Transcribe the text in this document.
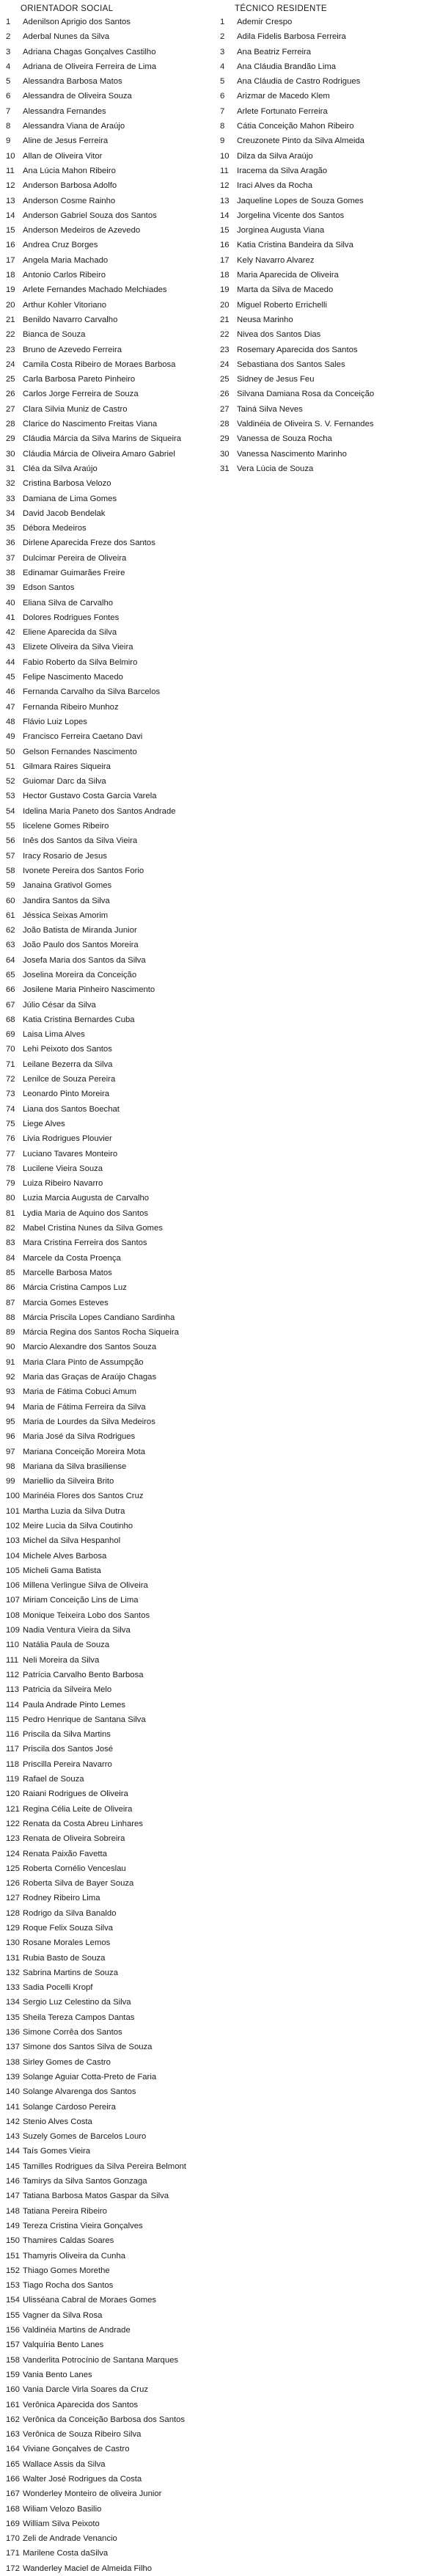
ORIENTADOR SOCIAL
1	Adenilson Aprigio dos Santos
2	Aderbal Nunes da Silva
3	Adriana Chagas Gonçalves Castilho
4	Adriana de Oliveira Ferreira de Lima
5	Alessandra Barbosa Matos
6	Alessandra de Oliveira Souza
7	Alessandra Fernandes
8	Alessandra Viana de Araújo
9	Aline de Jesus Ferreira
10 Allan de Oliveira Vitor
11 Ana Lúcia Mahon Ribeiro
12 Anderson Barbosa Adolfo
13 Anderson Cosme Rainho
14 Anderson Gabriel Souza dos Santos
15 Anderson Medeiros de Azevedo
16 Andrea Cruz Borges
17 Angela Maria Machado
18 Antonio Carlos Ribeiro
19 Arlete Fernandes Machado Melchiades
20 Arthur Kohler Vitoriano
21 Benildo Navarro Carvalho
22 Bianca de Souza
23 Bruno de Azevedo Ferreira
24 Camila Costa Ribeiro de Moraes Barbosa
25 Carla Barbosa Pareto Pinheiro
26 Carlos Jorge Ferreira de Souza
27 Clara Silvia Muniz de Castro
28 Clarice do Nascimento Freitas Viana
29 Cláudia Márcia da Silva Marins de Siqueira
30 Cláudia Márcia de Oliveira Amaro Gabriel
31 Cléa da Silva Araújo
32 Cristina Barbosa Velozo
33 Damiana de Lima Gomes
34 David Jacob Bendelak
35 Débora Medeiros
36 Dirlene Aparecida Freze dos Santos
37 Dulcimar Pereira de Oliveira
38 Edinamar Guimarães Freire
39 Edson Santos
40 Eliana Silva de Carvalho
41 Dolores Rodrigues Fontes
42 Eliene Aparecida da Silva
43 Elizete Oliveira da Silva Vieira
44 Fabio Roberto da Silva Belmiro
45 Felipe Nascimento Macedo
46 Fernanda Carvalho da Silva Barcelos
47 Fernanda Ribeiro Munhoz
48 Flávio Luiz Lopes
49 Francisco Ferreira Caetano Davi
50 Gelson Fernandes Nascimento
51 Gilmara Raires Siqueira
52 Guiomar Darc da Silva
53 Hector Gustavo Costa Garcia Varela
54 Idelina Maria Paneto dos Santos Andrade
55 Iicelene Gomes Ribeiro
56 Inês dos Santos da Silva Vieira
57 Iracy Rosario de Jesus
58 Ivonete Pereira dos Santos Forio
59 Janaina Grativol Gomes
60 Jandira Santos da Silva
61 Jéssica Seixas Amorim
62 João Batista de Miranda Junior
63 João Paulo dos Santos Moreira
64 Josefa Maria dos Santos da Silva
65 Joselina Moreira da Conceição
66 Josilene Maria Pinheiro Nascimento
67 Júlio César da Silva
68 Katia Cristina Bernardes Cuba
69 Laisa Lima Alves
70 Lehi Peixoto dos Santos
71 Leilane Bezerra da Silva
72 Lenilce de Souza Pereira
73 Leonardo Pinto Moreira
74 Liana dos Santos Boechat
75 Liege Alves
76 Livia Rodrigues Plouvier
77 Luciano Tavares Monteiro
78 Lucilene Vieira Souza
79 Luiza Ribeiro Navarro
80 Luzia Marcia Augusta de Carvalho
81 Lydia Maria de Aquino dos Santos
82 Mabel Cristina Nunes da Silva Gomes
83 Mara Cristina Ferreira dos Santos
84 Marcele da Costa Proença
85 Marcelle Barbosa Matos
86 Márcia Cristina Campos Luz
87 Marcia Gomes Esteves
88 Márcia Priscila Lopes Candiano Sardinha
89 Márcia Regina dos Santos Rocha Siqueira
90 Marcio Alexandre dos Santos Souza
91 Maria Clara Pinto de Assumpção
92 Maria das Graças de Araújo Chagas
93 Maria de Fátima Cobuci Amum
94 Maria de Fátima Ferreira da Silva
95 Maria de Lourdes da Silva Medeiros
96 Maria José da Silva Rodrigues
97 Mariana Conceição Moreira Mota
98 Mariana da Silva brasiliense
99 Mariellio da Silveira Brito
100 Marinéia Flores dos Santos Cruz
101 Martha Luzia da Silva Dutra
102 Meire Lucia da Silva Coutinho
103 Michel da Silva Hespanhol
104 Michele Alves Barbosa
105 Micheli Gama Batista
106 Millena Verlingue Silva de Oliveira
107 Miriam Conceição Lins de Lima
108 Monique Teixeira Lobo dos Santos
109 Nadia Ventura Vieira da Silva
110 Natália Paula de Souza
111 Neli Moreira da Silva
112 Patrícia Carvalho Bento Barbosa
113 Patricia da Silveira Melo
114 Paula Andrade Pinto Lemes
115 Pedro Henrique de Santana Silva
116 Priscila da Silva Martins
117 Priscila dos Santos José
118 Priscilla Pereira Navarro
119 Rafael de Souza
120 Raiani Rodrigues de Oliveira
121 Regina Célia Leite de Oliveira
122 Renata da Costa Abreu Linhares
123 Renata de Oliveira Sobreira
124 Renata Paixão Favetta
125 Roberta Cornélio Venceslau
126 Roberta Silva de Bayer Souza
127 Rodney Ribeiro Lima
128 Rodrigo da Silva Banaldo
129 Roque Felix Souza Silva
130 Rosane Morales Lemos
131 Rubia Basto de Souza
132 Sabrina Martins de Souza
133 Sadia Pocelli Kropf
134 Sergio Luz Celestino da Silva
135 Sheila Tereza Campos Dantas
136 Simone Corrêa dos Santos
137 Simone dos Santos Silva de Souza
138 Sirley Gomes de Castro
139 Solange Aguiar Cotta-Preto de Faria
140 Solange Alvarenga dos Santos
141 Solange Cardoso Pereira
142 Stenio Alves Costa
143 Suzely Gomes de Barcelos Louro
144 Taís Gomes Vieira
145 Tamilles Rodrigues da Silva Pereira Belmont
146 Tamirys da Silva Santos Gonzaga
147 Tatiana Barbosa Matos Gaspar da Silva
148 Tatiana Pereira Ribeiro
149 Tereza Cristina Vieira Gonçalves
150 Thamires Caldas Soares
151 Thamyris Oliveira da Cunha
152 Thiago Gomes Morethe
153 Tiago Rocha dos Santos
154 Ulisséana Cabral de Moraes Gomes
155 Vagner da Silva Rosa
156 Valdinéia Martins de Andrade
157 Valquíria Bento Lanes
158 Vanderlita Potrocínio de Santana Marques
159 Vania Bento Lanes
160 Vania Darcle Virla Soares da Cruz
161 Verônica Aparecida dos Santos
162 Verônica da Conceição Barbosa dos Santos
163 Verônica de Souza Ribeiro Silva
164 Viviane Gonçalves de Castro
165 Wallace Assis da Silva
166 Walter José Rodrigues da Costa
167 Wonderley Monteiro de oliveira Junior
168 Wiliam Velozo Basilio
169 William Silva Peixoto
170 Zeli de Andrade Venancio
171 Marilene Costa daSilva
172 Wanderley Maciel de Almeida Filho
TÉCNICO RESIDENTE
1	Ademir Crespo
2	Adila Fidelis Barbosa Ferreira
3	Ana Beatriz Ferreira
4	Ana Cláudia Brandão Lima
5	Ana Cláudia de Castro Rodrigues
6	Arizmar de Macedo Klem
7	Arlete Fortunato Ferreira
8	Cátia Conceição Mahon Ribeiro
9	Creuzonete Pinto da Silva Almeida
10 Dilza da Silva Araújo
11 Iracema da Silva Aragão
12 Iraci Alves da Rocha
13 Jaqueline Lopes de Souza Gomes
14 Jorgelina Vicente dos Santos
15 Jorginea Augusta Viana
16 Katia Cristina Bandeira da Silva
17 Kely Navarro Alvarez
18 Maria Aparecida de Oliveira
19 Marta da Silva de Macedo
20 Miguel Roberto Errichelli
21 Neusa Marinho
22 Nivea dos Santos Dias
23 Rosemary Aparecida dos Santos
24 Sebastiana dos Santos Sales
25 Sidney de Jesus Feu
26 Silvana Damiana Rosa da Conceição
27 Tainá Silva Neves
28 Valdinéia de Oliveira S. V. Fernandes
29 Vanessa de Souza Rocha
30 Vanessa Nascimento Marinho
31 Vera Lúcia de Souza
